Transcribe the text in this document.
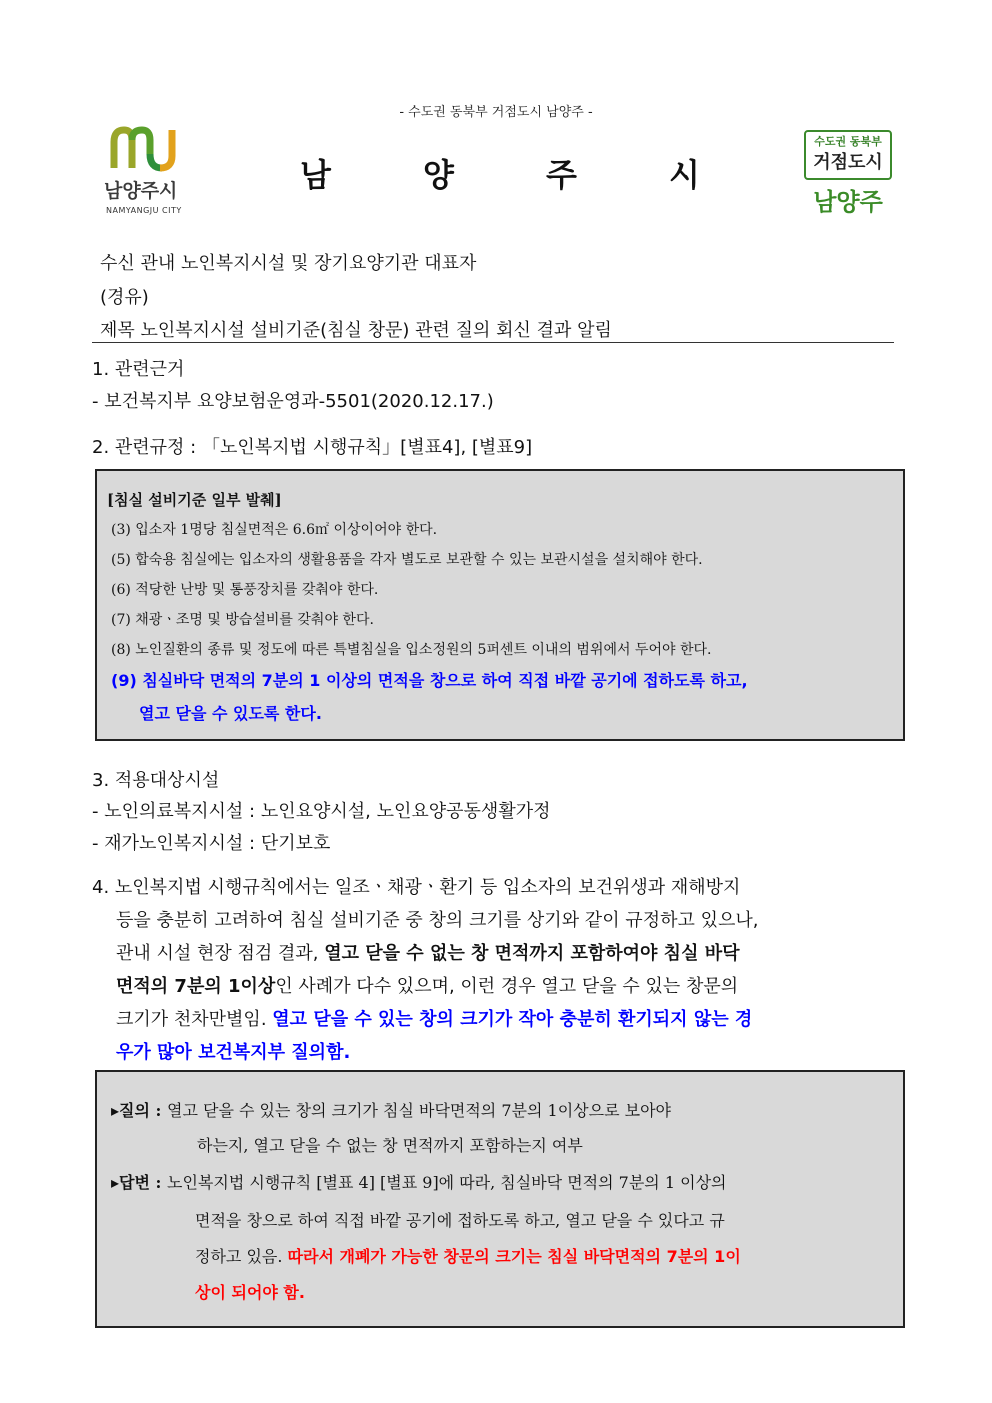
- 수도권 동북부 거점도시 남양주 -
남양주시
NAMYANGJU CITY
남	양	주	시
수도권 동북부
거점도시
남양주
수신 관내 노인복지시설 및 장기요양기관 대표자
(경유)
제목 노인복지시설 설비기준(침실 창문) 관련 질의 회신 결과 알림
1. 관련근거
- 보건복지부 요양보험운영과-5501(2020.12.17.)
2. 관련규정 : 「노인복지법 시행규칙」[별표4], [별표9]
[침실 설비기준 일부 발췌]
(3) 입소자 1명당 침실면적은 6.6㎡ 이상이어야 한다.
(5) 합숙용 침실에는 입소자의 생활용품을 각자 별도로 보관할 수 있는 보관시설을 설치해야 한다.
(6) 적당한 난방 및 통풍장치를 갖춰야 한다.
(7) 채광ㆍ조명 및 방습설비를 갖춰야 한다.
(8) 노인질환의 종류 및 정도에 따른 특별침실을 입소정원의 5퍼센트 이내의 범위에서 두어야 한다.
(9) 침실바닥 면적의 7분의 1 이상의 면적을 창으로 하여 직접 바깥 공기에 접하도록 하고,
열고 닫을 수 있도록 한다.
3. 적용대상시설
- 노인의료복지시설 : 노인요양시설, 노인요양공동생활가정
- 재가노인복지시설 : 단기보호
4. 노인복지법 시행규칙에서는 일조ㆍ채광ㆍ환기 등 입소자의 보건위생과 재해방지
등을 충분히 고려하여 침실 설비기준 중 창의 크기를 상기와 같이 규정하고 있으나,
관내 시설 현장 점검 결과, 열고 닫을 수 없는 창 면적까지 포함하여야 침실 바닥
면적의 7분의 1이상인 사례가 다수 있으며, 이런 경우 열고 닫을 수 있는 창문의
크기가 천차만별임. 열고 닫을 수 있는 창의 크기가 작아 충분히 환기되지 않는 경
우가 많아 보건복지부 질의함.
▸질의 : 열고 닫을 수 있는 창의 크기가 침실 바닥면적의 7분의 1이상으로 보아야
하는지, 열고 닫을 수 없는 창 면적까지 포함하는지 여부
▸답변 : 노인복지법 시행규칙 [별표 4] [별표 9]에 따라, 침실바닥 면적의 7분의 1 이상의
면적을 창으로 하여 직접 바깥 공기에 접하도록 하고, 열고 닫을 수 있다고 규
정하고 있음. 따라서 개폐가 가능한 창문의 크기는 침실 바닥면적의 7분의 1이
상이 되어야 함.
